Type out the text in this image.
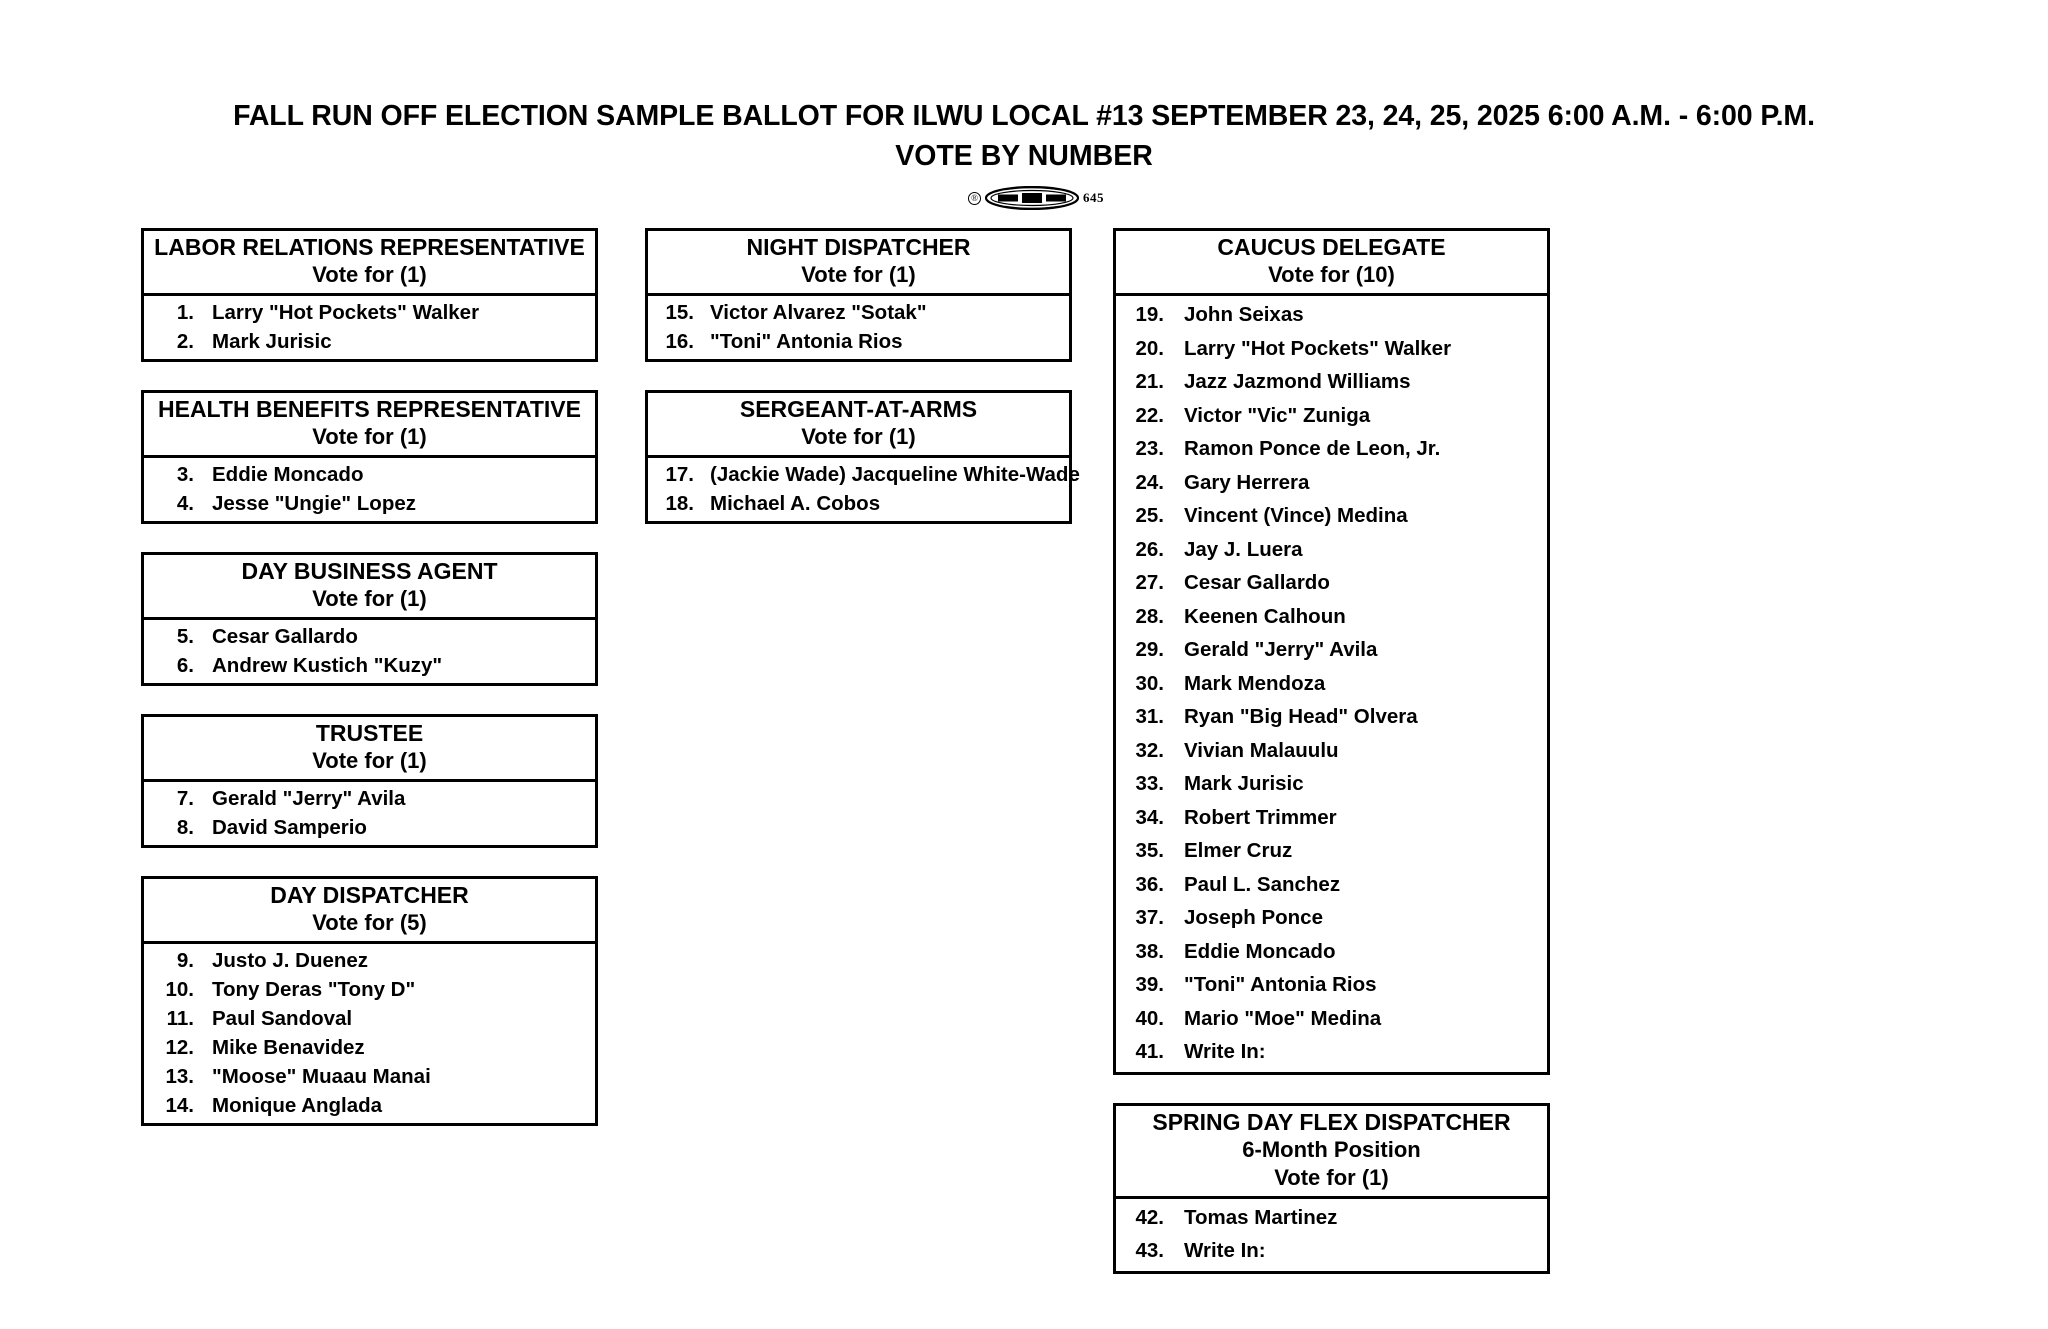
FALL RUN OFF ELECTION SAMPLE BALLOT FOR ILWU LOCAL #13 SEPTEMBER 23, 24, 25, 2025 6:00 A.M. - 6:00 P.M.
VOTE BY NUMBER
®	645
LABOR RELATIONS REPRESENTATIVE
Vote for (1)
1. Larry "Hot Pockets" Walker
2. Mark Jurisic
HEALTH BENEFITS REPRESENTATIVE
Vote for (1)
3. Eddie Moncado
4. Jesse "Ungie" Lopez
DAY BUSINESS AGENT
Vote for (1)
5. Cesar Gallardo
6. Andrew Kustich "Kuzy"
TRUSTEE
Vote for (1)
7. Gerald "Jerry" Avila
8. David Samperio
DAY DISPATCHER
Vote for (5)
9. Justo J. Duenez
10. Tony Deras "Tony D"
11. Paul Sandoval
12. Mike Benavidez
13. "Moose" Muaau Manai
14. Monique Anglada
NIGHT DISPATCHER
Vote for (1)
15. Victor Alvarez "Sotak"
16. "Toni" Antonia Rios
SERGEANT-AT-ARMS
Vote for (1)
17. (Jackie Wade) Jacqueline White-Wade
18. Michael A. Cobos
CAUCUS DELEGATE
Vote for (10)
19. John Seixas
20. Larry "Hot Pockets" Walker
21. Jazz Jazmond Williams
22. Victor "Vic" Zuniga
23. Ramon Ponce de Leon, Jr.
24. Gary Herrera
25. Vincent (Vince) Medina
26. Jay J. Luera
27. Cesar Gallardo
28. Keenen Calhoun
29. Gerald "Jerry" Avila
30. Mark Mendoza
31. Ryan "Big Head" Olvera
32. Vivian Malauulu
33. Mark Jurisic
34. Robert Trimmer
35. Elmer Cruz
36. Paul L. Sanchez
37. Joseph Ponce
38. Eddie Moncado
39. "Toni" Antonia Rios
40. Mario "Moe" Medina
41. Write In:
SPRING DAY FLEX DISPATCHER
6-Month Position
Vote for (1)
42. Tomas Martinez
43. Write In:
